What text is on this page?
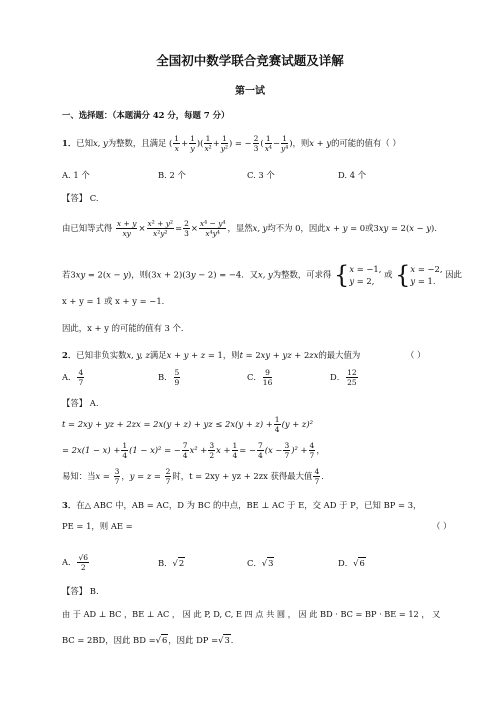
全国初中数学联合竞赛试题及详解
第一试
一、选择题：（本题满分 42 分，每题 7 分）
1．已知x, y为整数，且满足 ( $\frac{1}{x} + \frac{1}{y}$ )( $\frac{1}{\text{x²}} + \frac{1}{\text{y²}}$ ) = − $\frac{2}{3}$ ( $\frac{1}{\text{x⁴}} - \frac{1}{\text{y⁴}}$ )，则x + y的可能的值有（ ）
A. 1 个	B. 2 个	C. 3 个	D. 4 个
【答】 C.
由已知等式得 $\frac{x + y}{xy} \times \frac{\text{x² + y²}}{\text{x²y²}} = \frac{2}{3} \times \frac{\text{x⁴ − y⁴}}{\text{x⁴y⁴}}$ ，显然x, y均不为 0，因此x + y = 0或3xy = 2(x − y)．
若3xy = 2(x − y)，则(3x + 2)(3y − 2) = −4．又x, y为整数，可求得 {x = −1,
y = 2, 或 {x = −2,
y = 1. 因此
x + y = 1 或 x + y = −1．
因此，x + y 的可能的值有 3 个．
2．已知非负实数x, y, z满足x + y + z = 1，则t = 2xy + yz + 2zx的最大值为	（ ）
A． $\frac{4}{7}$	B． $\frac{5}{9}$	C． $\frac{9}{16}$	D． $\frac{12}{25}$
【答】 A.
t = 2xy + yz + 2zx = 2x(y + z) + yz ≤ $2x(y + z) + \frac{1}{4} (y + z)^2$
= $2x(1 - x) + \frac{1}{4} (1 - x)^2$ = − $\frac{7}{4} x^2 + \frac{3}{2}$ $x + \frac{1}{4}$ = − $\frac{7}{4} (x - \frac{3}{7} )^2 + \frac{4}{7}$ ，
易知：当$x = \frac{3}{7}$ ，$y = z = \frac{2}{7}$ 时，t = 2xy + yz + 2zx 获得最大值 $\frac{4}{7}$ ．
3．在△ ABC 中，AB = AC，D 为 BC 的中点，BE ⊥ AC 于 E，交 AD 于 P，已知 BP = 3，
PE = 1，则 AE =	（ ）
A． $\frac{√6}{2}$	B．√2	C．√3	D．√6
【答】 B.
由 于 AD ⊥ BC ，BE ⊥ AC ， 因 此 P, D, C, E 四 点 共 圆 ， 因 此 BD · BC = BP · BE = 12 ， 又
BC = 2BD，因此 BD =√6，因此 DP =√3．
